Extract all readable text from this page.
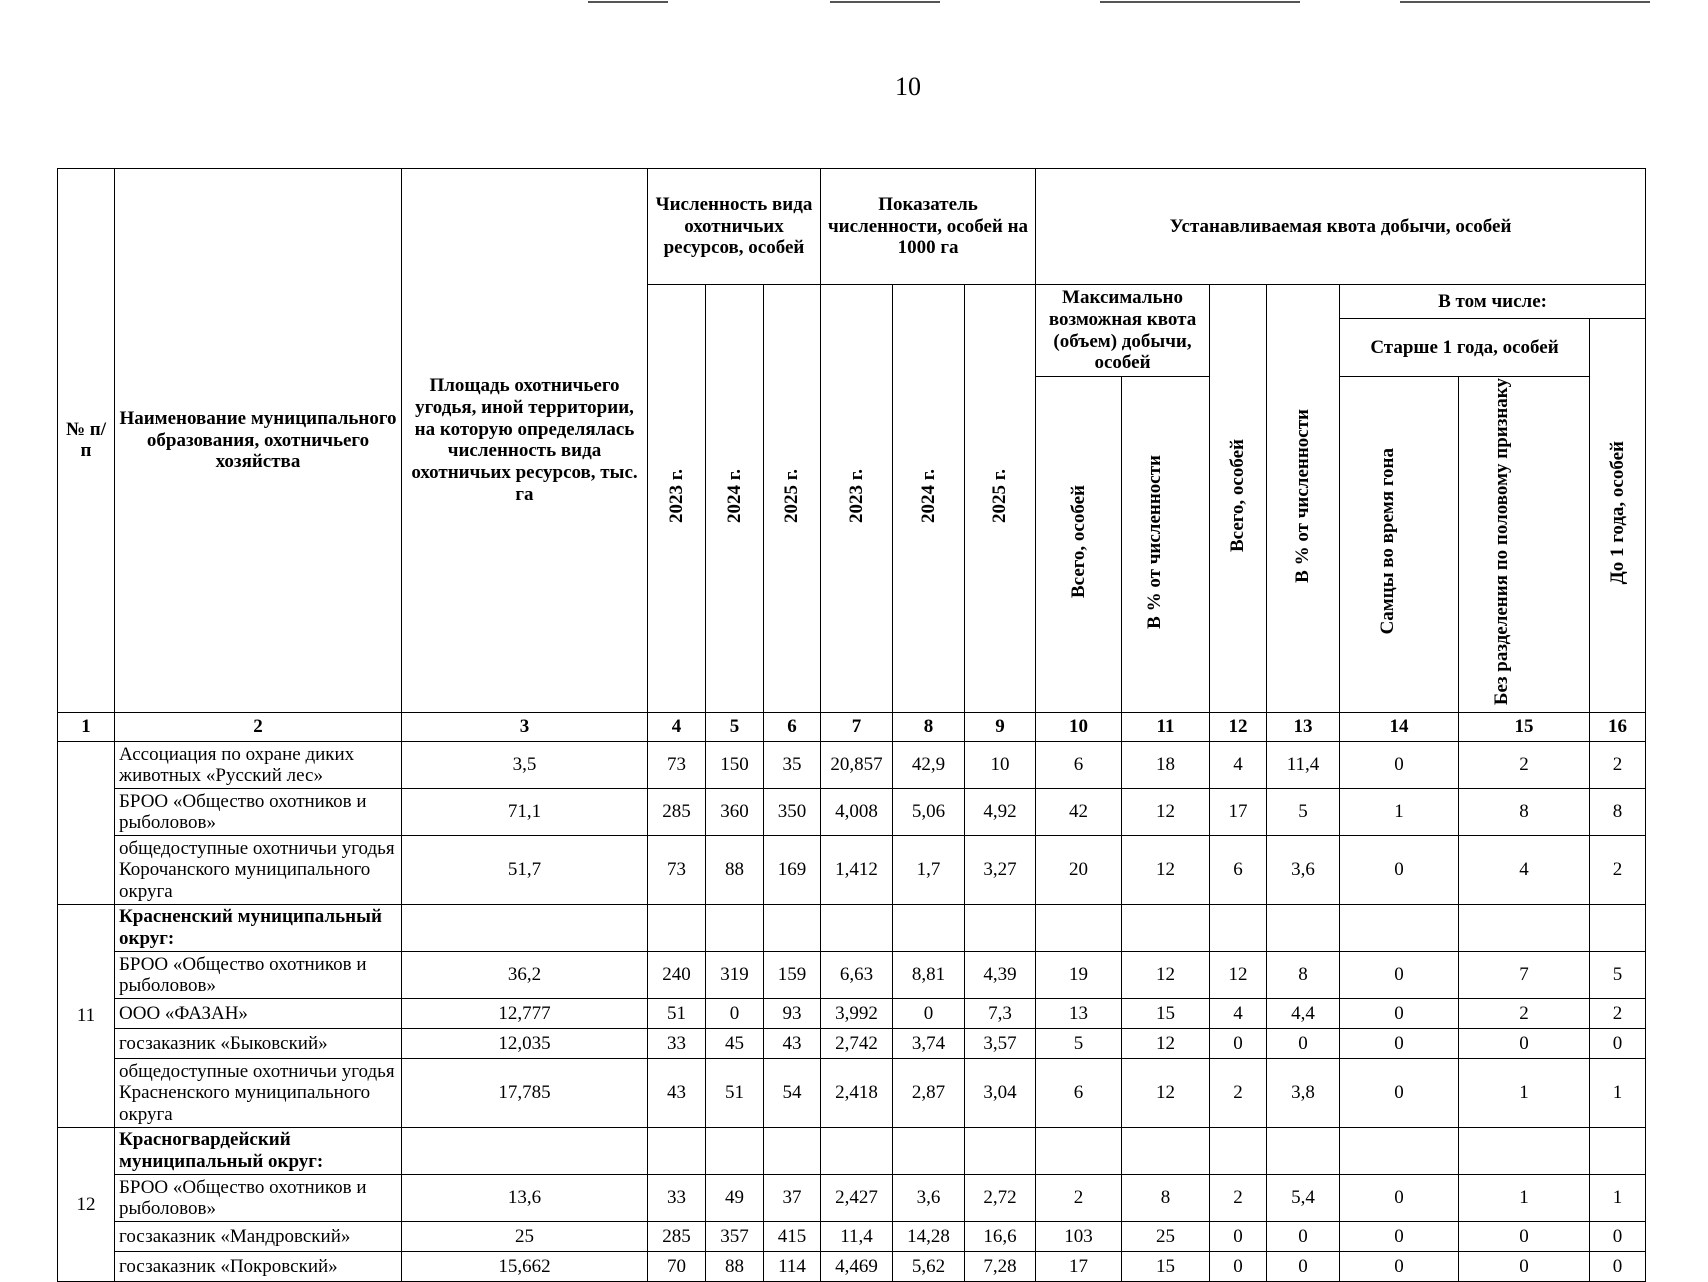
10
№ п/п	Наименование муниципального образования, охотничьего хозяйства	Площадь охотничьего угодья, иной территории, на которую определялась численность вида охотничьих ресурсов, тыс. га	Численность вида охотничьих ресурсов, особей			Показатель численности, особей на 1000 га			Устанавливаемая квота добычи, особей						
			2023 г.	2024 г.	2025 г.	2023 г.	2024 г.	2025 г.	Максимально возможная квота (объем) добычи, особей		Всего, особей	В % от численности	В том числе:		
													Старше 1 года, особей		До 1 года, особей
									Всего, особей	В % от численности			Самцы во время гона	Без разделения по половому признаку	
1	2	3	4	5	6	7	8	9	10	11	12	13	14	15	16
	Ассоциация по охране диких животных «Русский лес»	3,5	73	150	35	20,857	42,9	10	6	18	4	11,4	0	2	2
	БРОО «Общество охотников и рыболовов»	71,1	285	360	350	4,008	5,06	4,92	42	12	17	5	1	8	8
	общедоступные охотничьи угодья Корочанского муниципального округа	51,7	73	88	169	1,412	1,7	3,27	20	12	6	3,6	0	4	2
11	Красненский муниципальный округ:														
	БРОО «Общество охотников и рыболовов»	36,2	240	319	159	6,63	8,81	4,39	19	12	12	8	0	7	5
	ООО «ФАЗАН»	12,777	51	0	93	3,992	0	7,3	13	15	4	4,4	0	2	2
	госзаказник «Быковский»	12,035	33	45	43	2,742	3,74	3,57	5	12	0	0	0	0	0
	общедоступные охотничьи угодья Красненского муниципального округа	17,785	43	51	54	2,418	2,87	3,04	6	12	2	3,8	0	1	1
12	Красногвардейский муниципальный округ:														
	БРОО «Общество охотников и рыболовов»	13,6	33	49	37	2,427	3,6	2,72	2	8	2	5,4	0	1	1
	госзаказник «Мандровский»	25	285	357	415	11,4	14,28	16,6	103	25	0	0	0	0	0
	госзаказник «Покровский»	15,662	70	88	114	4,469	5,62	7,28	17	15	0	0	0	0	0
